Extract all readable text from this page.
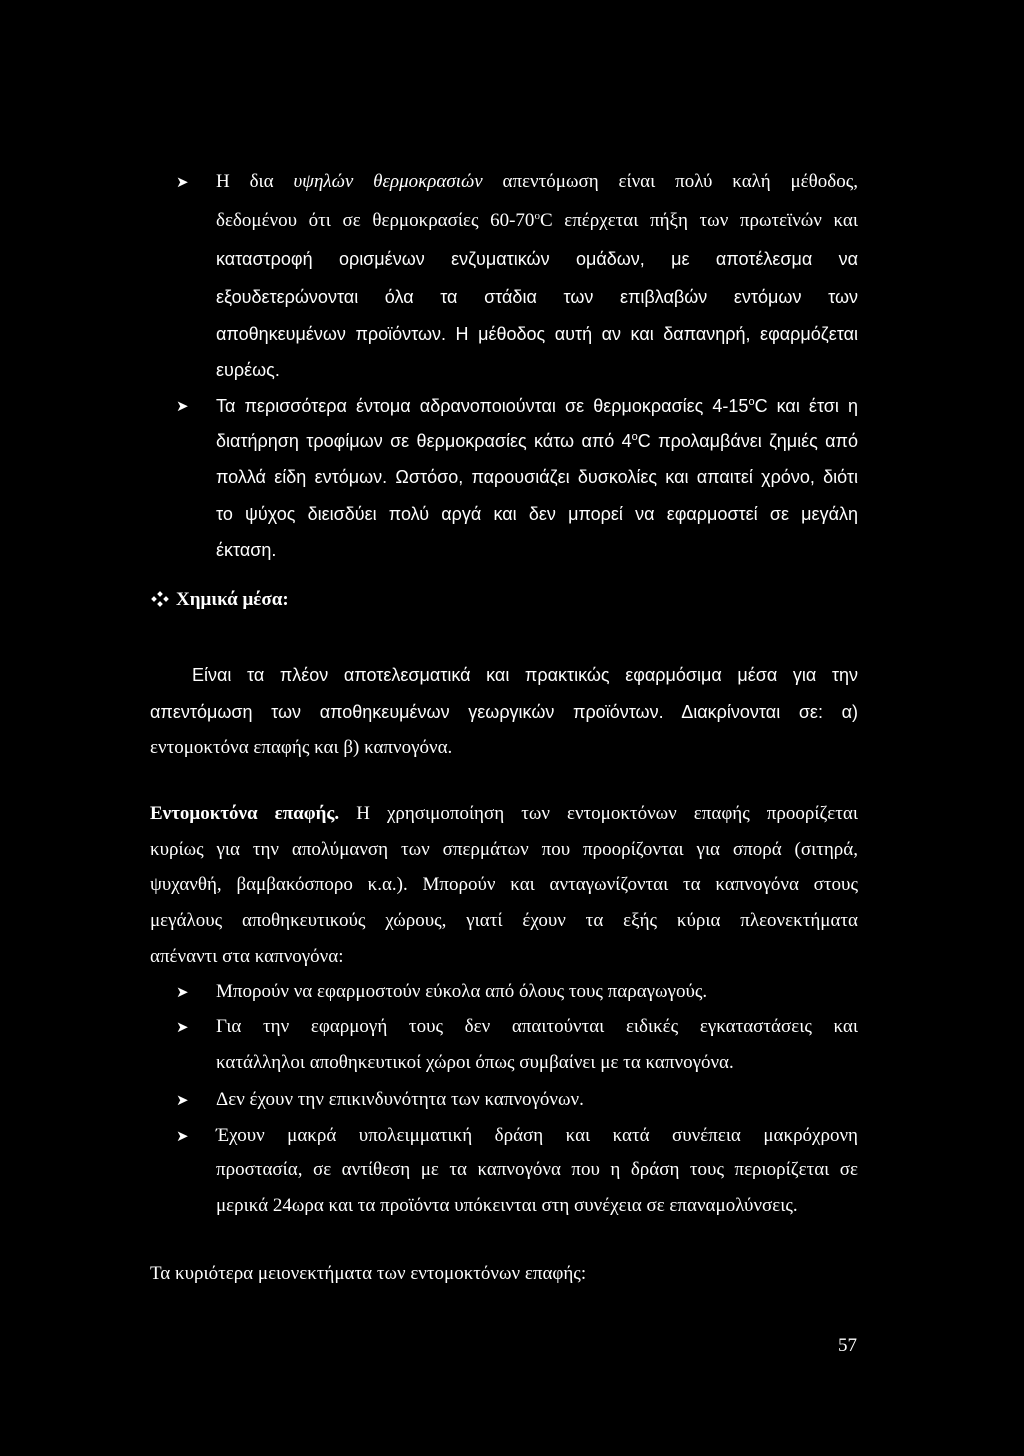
➤ Η δια υψηλών θερμοκρασιών απεντόμωση είναι πολύ καλή μέθοδος,
δεδομένου ότι σε θερμοκρασίες $60-70^oC$ επέρχεται πήξη των πρωτεϊνών και
καταστροφή ορισμένων ενζυματικών ομάδων, με αποτέλεσμα να
εξουδετερώνονται όλα τα στάδια των επιβλαβών εντόμων των
αποθηκευμένων προϊόντων. Η μέθοδος αυτή αν και δαπανηρή, εφαρμόζεται
ευρέως.
➤ Τα περισσότερα έντομα αδρανοποιούνται σε θερμοκρασίες $4-15^oC$ και έτσι η
διατήρηση τροφίμων σε θερμοκρασίες κάτω από $4^oC$ προλαμβάνει ζημιές από
πολλά είδη εντόμων. Ωστόσο, παρουσιάζει δυσκολίες και απαιτεί χρόνο, διότι
το ψύχος διεισδύει πολύ αργά και δεν μπορεί να εφαρμοστεί σε μεγάλη
έκταση.
Χημικά μέσα:
Είναι τα πλέον αποτελεσματικά και πρακτικώς εφαρμόσιμα μέσα για την
απεντόμωση των αποθηκευμένων γεωργικών προϊόντων. Διακρίνονται σε: α)
εντομοκτόνα επαφής και β) καπνογόνα.
Εντομοκτόνα επαφής. Η χρησιμοποίηση των εντομοκτόνων επαφής προορίζεται
κυρίως για την απολύμανση των σπερμάτων που προορίζονται για σπορά (σιτηρά,
ψυχανθή, βαμβακόσπορο κ.α.). Μπορούν και ανταγωνίζονται τα καπνογόνα στους
μεγάλους αποθηκευτικούς χώρους, γιατί έχουν τα εξής κύρια πλεονεκτήματα
απέναντι στα καπνογόνα:
➤ Μπορούν να εφαρμοστούν εύκολα από όλους τους παραγωγούς.
➤ Για την εφαρμογή τους δεν απαιτούνται ειδικές εγκαταστάσεις και
κατάλληλοι αποθηκευτικοί χώροι όπως συμβαίνει με τα καπνογόνα.
➤ Δεν έχουν την επικινδυνότητα των καπνογόνων.
➤ Έχουν μακρά υπολειμματική δράση και κατά συνέπεια μακρόχρονη
προστασία, σε αντίθεση με τα καπνογόνα που η δράση τους περιορίζεται σε
μερικά 24ωρα και τα προϊόντα υπόκεινται στη συνέχεια σε επαναμολύνσεις.
Τα κυριότερα μειονεκτήματα των εντομοκτόνων επαφής:
57
